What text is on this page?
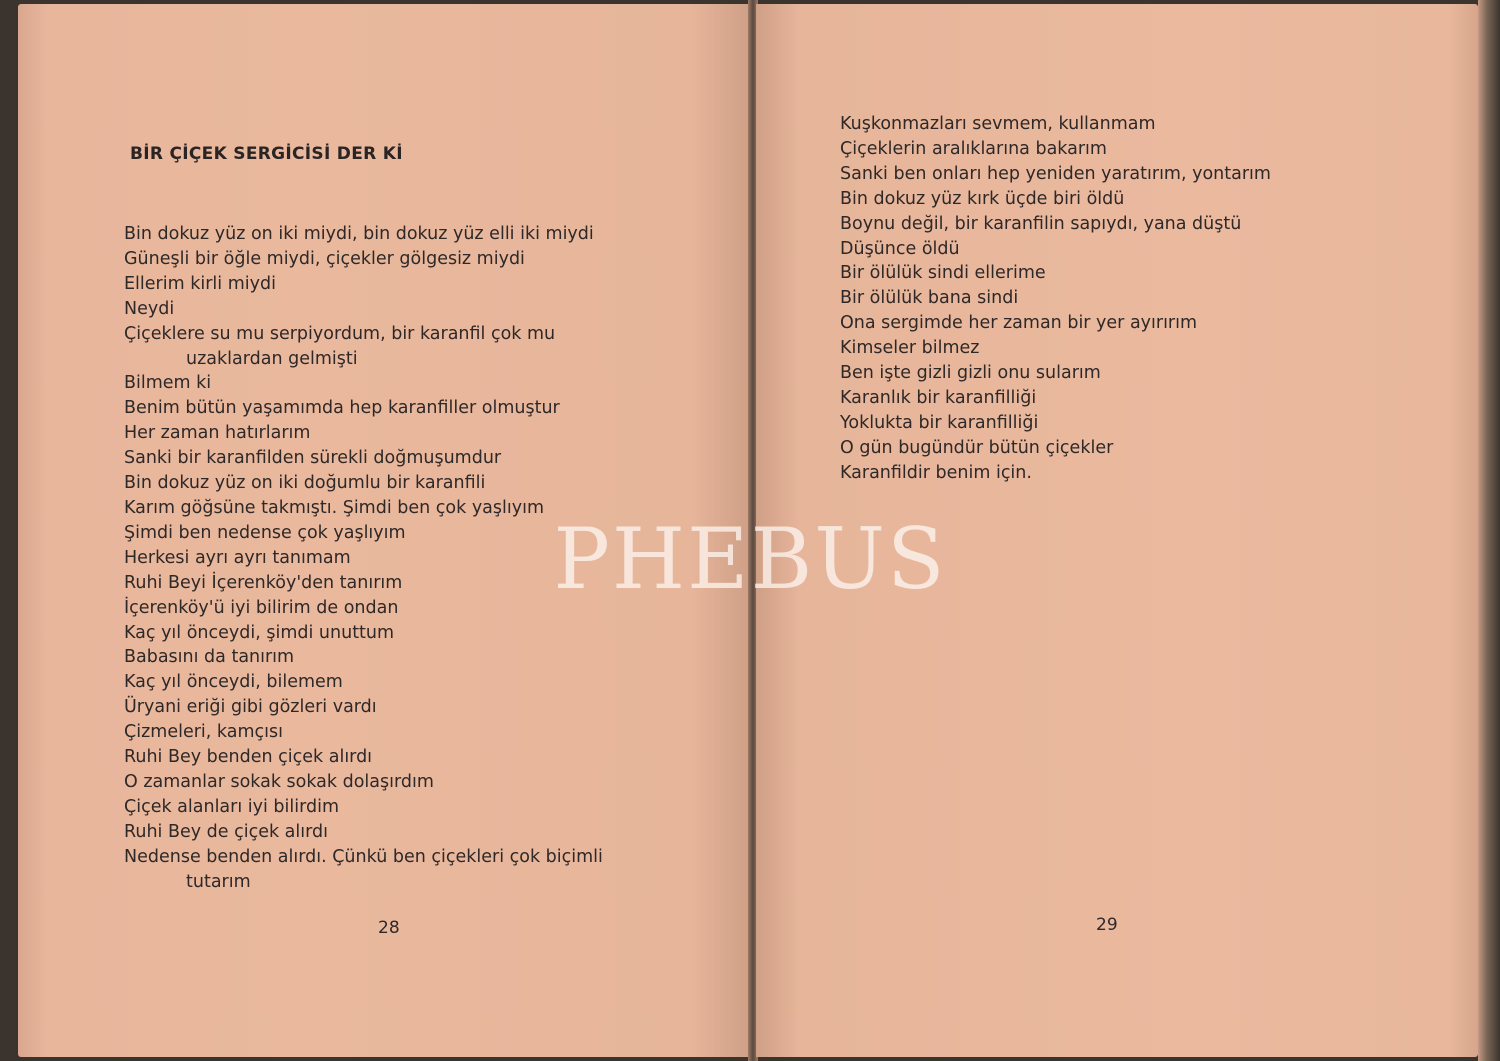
BİR ÇİÇEK SERGİCİSİ DER Kİ
Bin dokuz yüz on iki miydi, bin dokuz yüz elli iki miydi
Güneşli bir öğle miydi, çiçekler gölgesiz miydi
Ellerim kirli miydi
Neydi
Çiçeklere su mu serpiyordum, bir karanfil çok mu
uzaklardan gelmişti
Bilmem ki
Benim bütün yaşamımda hep karanfiller olmuştur
Her zaman hatırlarım
Sanki bir karanfilden sürekli doğmuşumdur
Bin dokuz yüz on iki doğumlu bir karanfili
Karım göğsüne takmıştı. Şimdi ben çok yaşlıyım
Şimdi ben nedense çok yaşlıyım
Herkesi ayrı ayrı tanımam
Ruhi Beyi İçerenköy'den tanırım
İçerenköy'ü iyi bilirim de ondan
Kaç yıl önceydi, şimdi unuttum
Babasını da tanırım
Kaç yıl önceydi, bilemem
Üryani eriği gibi gözleri vardı
Çizmeleri, kamçısı
Ruhi Bey benden çiçek alırdı
O zamanlar sokak sokak dolaşırdım
Çiçek alanları iyi bilirdim
Ruhi Bey de çiçek alırdı
Nedense benden alırdı. Çünkü ben çiçekleri çok biçimli
tutarım
28
Kuşkonmazları sevmem, kullanmam
Çiçeklerin aralıklarına bakarım
Sanki ben onları hep yeniden yaratırım, yontarım
Bin dokuz yüz kırk üçde biri öldü
Boynu değil, bir karanfilin sapıydı, yana düştü
Düşünce öldü
Bir ölülük sindi ellerime
Bir ölülük bana sindi
Ona sergimde her zaman bir yer ayırırım
Kimseler bilmez
Ben işte gizli gizli onu sularım
Karanlık bir karanfilliği
Yoklukta bir karanfilliği
O gün bugündür bütün çiçekler
Karanfildir benim için.
29
PHEBUS
